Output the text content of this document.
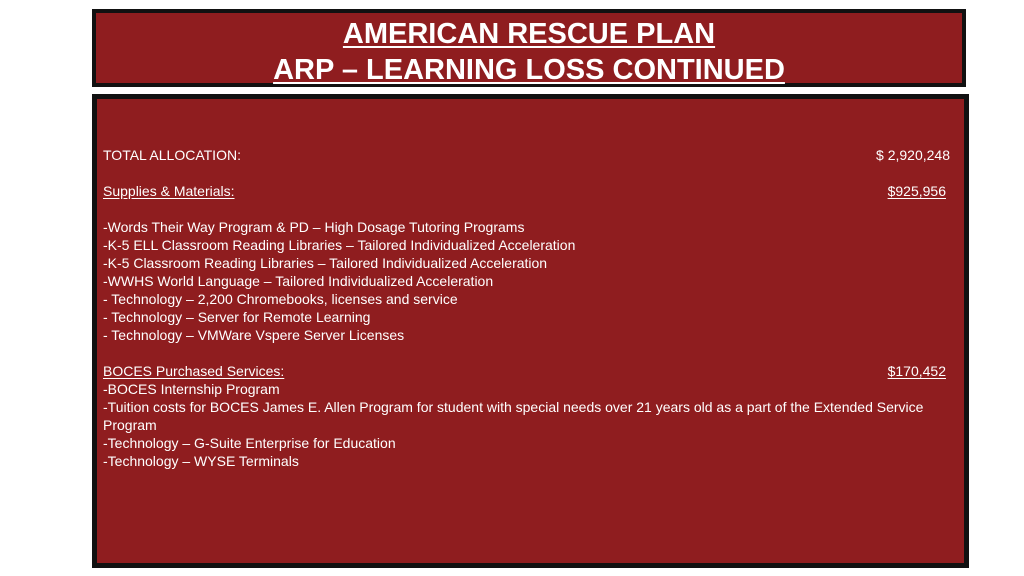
AMERICAN RESCUE PLAN
ARP – LEARNING LOSS CONTINUED
TOTAL ALLOCATION:	$ 2,920,248
Supplies & Materials:	$925,956
-Words Their Way Program & PD – High Dosage Tutoring Programs
-K-5 ELL Classroom Reading Libraries – Tailored Individualized Acceleration
-K-5 Classroom Reading Libraries – Tailored Individualized Acceleration
-WWHS World Language – Tailored Individualized Acceleration
- Technology – 2,200 Chromebooks, licenses and service
- Technology – Server for Remote Learning
- Technology – VMWare Vspere Server Licenses
BOCES Purchased Services:	$170,452
-BOCES Internship Program
-Tuition costs for BOCES James E. Allen Program for student with special needs over 21 years old as a part of the Extended Service Program
-Technology – G-Suite Enterprise for Education
-Technology – WYSE Terminals
